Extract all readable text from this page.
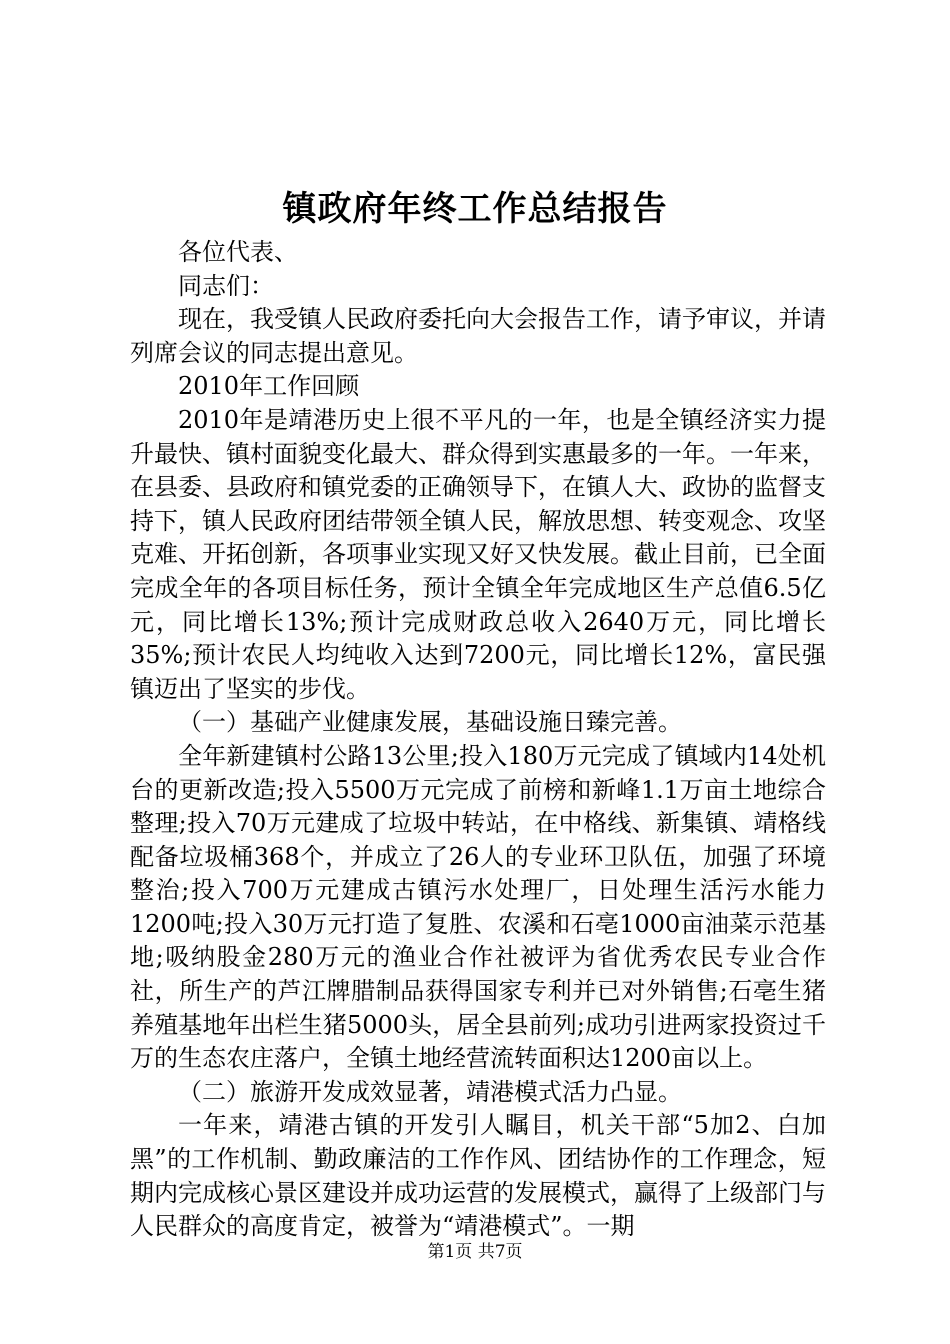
镇政府年终工作总结报告

各位代表、

同志们：

现在，我受镇人民政府委托向大会报告工作，请予审议，并请列席会议的同志提出意见。

2010年工作回顾

2010年是靖港历史上很不平凡的一年，也是全镇经济实力提升最快、镇村面貌变化最大、群众得到实惠最多的一年。一年来，在县委、县政府和镇党委的正确领导下，在镇人大、政协的监督支持下，镇人民政府团结带领全镇人民，解放思想、转变观念、攻坚克难、开拓创新，各项事业实现又好又快发展。截止目前，已全面完成全年的各项目标任务，预计全镇全年完成地区生产总值6.5亿元，同比增长13%;预计完成财政总收入2640万元，同比增长35%;预计农民人均纯收入达到7200元，同比增长12%，富民强镇迈出了坚实的步伐。

（一）基础产业健康发展，基础设施日臻完善。

全年新建镇村公路13公里;投入180万元完成了镇域内14处机台的更新改造;投入5500万元完成了前榜和新峰1.1万亩土地综合整理;投入70万元建成了垃圾中转站，在中格线、新集镇、靖格线配备垃圾桶368个，并成立了26人的专业环卫队伍，加强了环境整治;投入700万元建成古镇污水处理厂，日处理生活污水能力1200吨;投入30万元打造了复胜、农溪和石亳1000亩油菜示范基地;吸纳股金280万元的渔业合作社被评为省优秀农民专业合作社，所生产的芦江牌腊制品获得国家专利并已对外销售;石亳生猪养殖基地年出栏生猪5000头，居全县前列;成功引进两家投资过千万的生态农庄落户，全镇土地经营流转面积达1200亩以上。

（二）旅游开发成效显著，靖港模式活力凸显。

一年来，靖港古镇的开发引人瞩目，机关干部“5加2、白加黑”的工作机制、勤政廉洁的工作作风、团结协作的工作理念，短期内完成核心景区建设并成功运营的发展模式，赢得了上级部门与人民群众的高度肯定，被誉为“靖港模式”。一期

第1页 共7页
